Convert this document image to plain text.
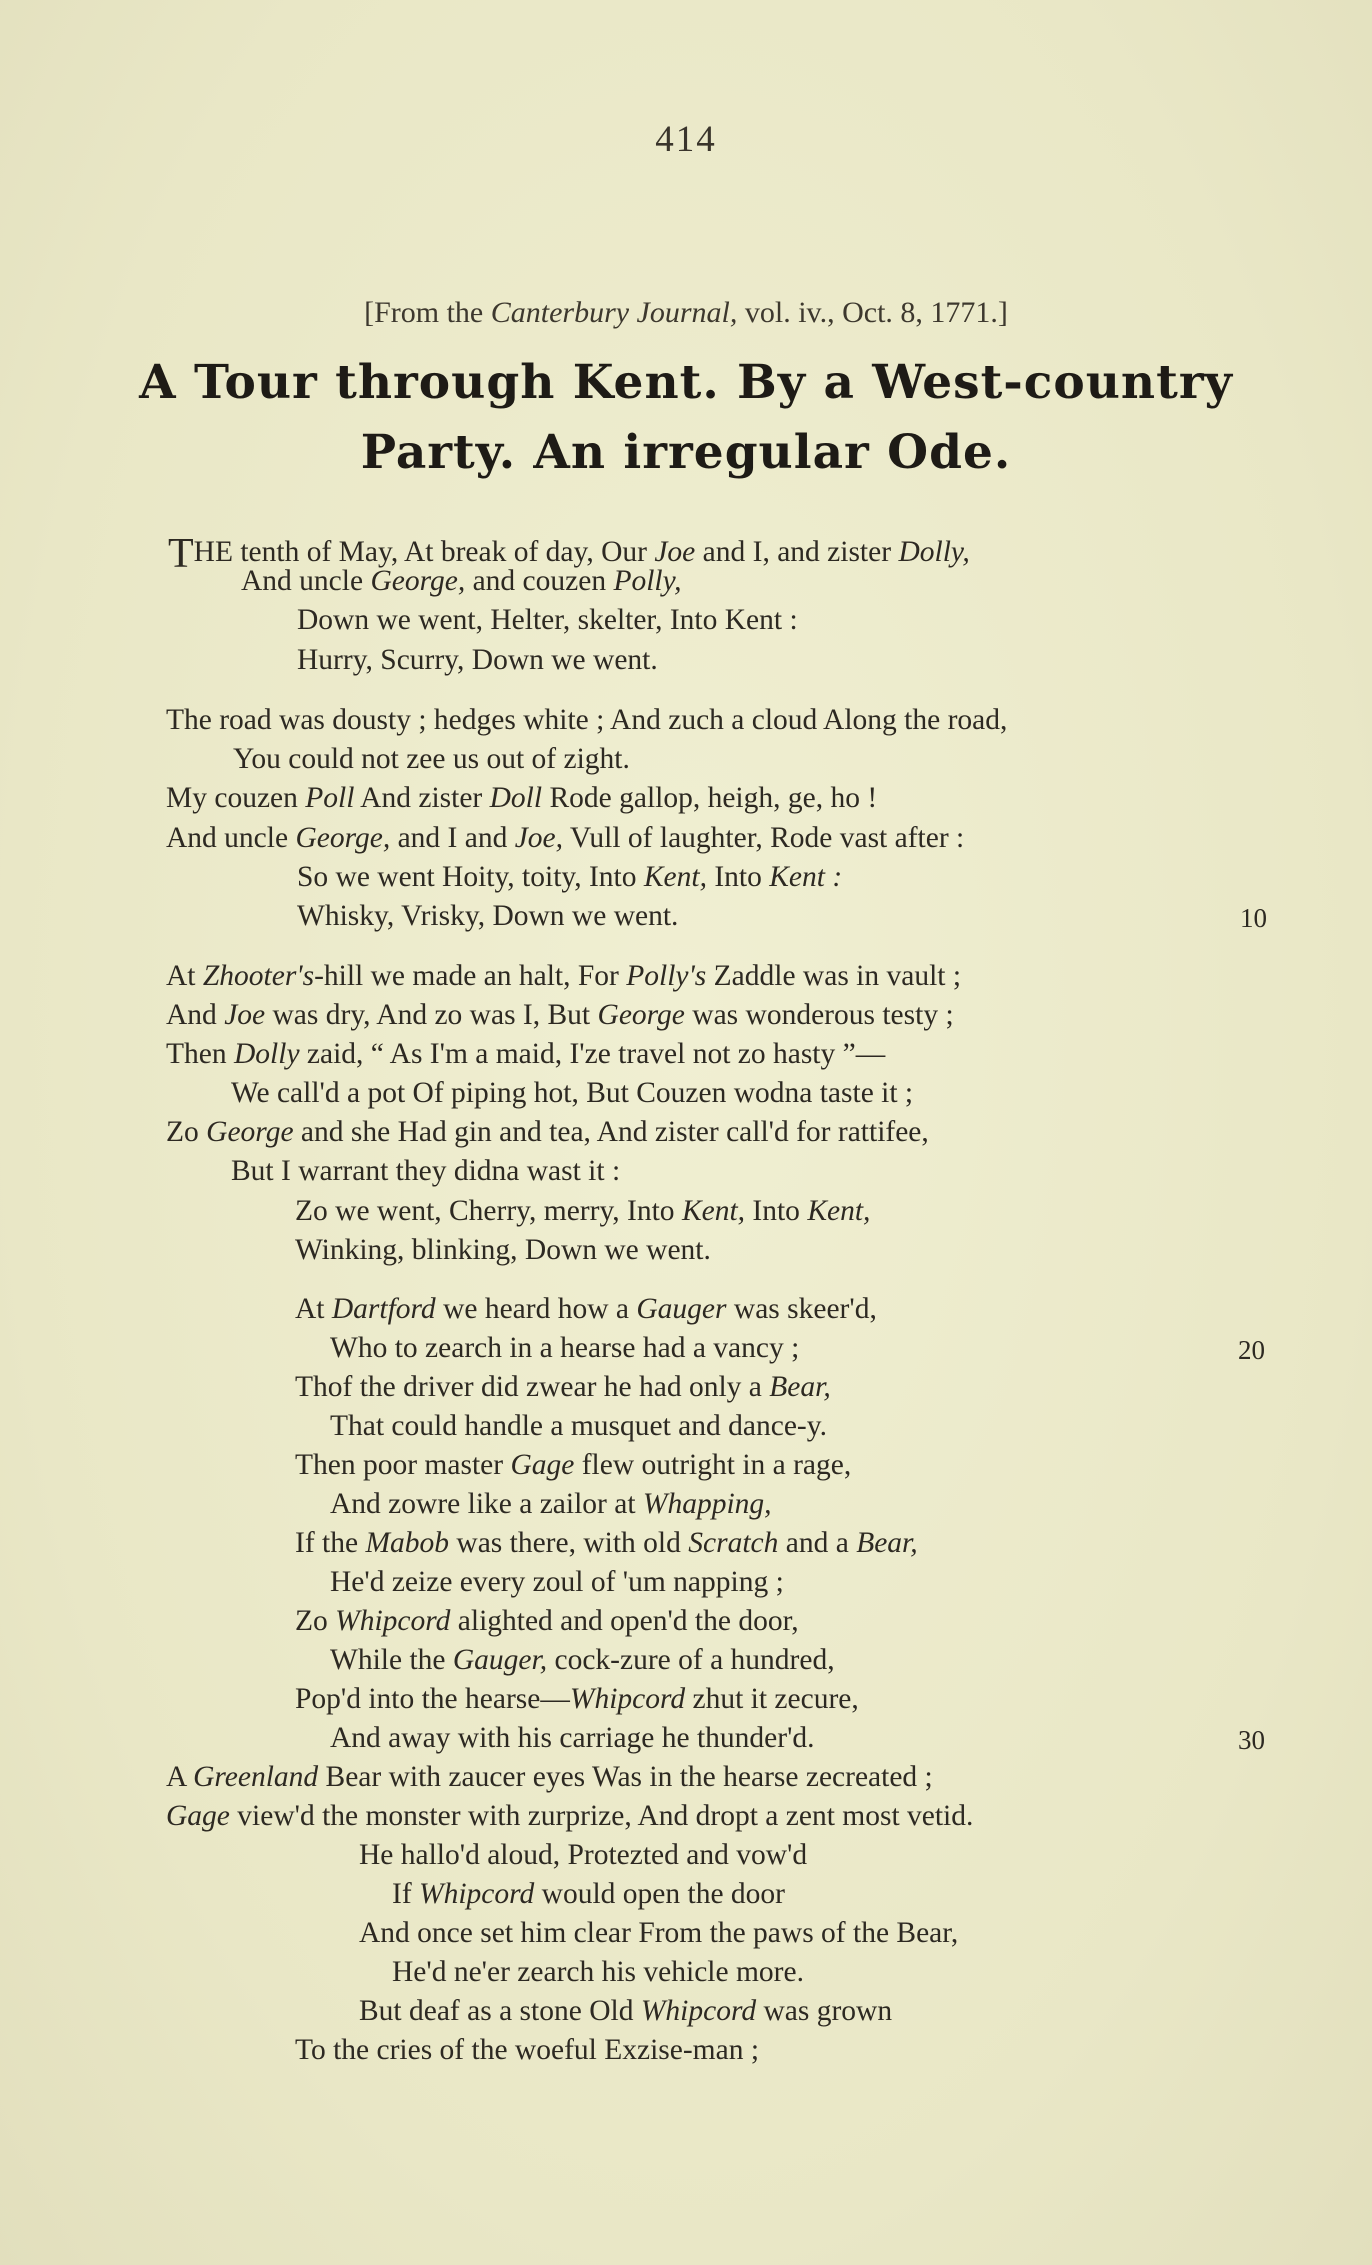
414
[From the Canterbury Journal, vol. iv., Oct. 8, 1771.]
A Tour through Kent. By a West-country
Party. An irregular Ode.
THE tenth of May, At break of day, Our Joe and I, and zister Dolly,
And uncle George, and couzen Polly,
Down we went, Helter, skelter, Into Kent :
Hurry, Scurry, Down we went.
The road was dousty ; hedges white ; And zuch a cloud Along the road,
You could not zee us out of zight.
My couzen Poll And zister Doll Rode gallop, heigh, ge, ho !
And uncle George, and I and Joe, Vull of laughter, Rode vast after :
So we went Hoity, toity, Into Kent, Into Kent :
Whisky, Vrisky, Down we went.	10
At Zhooter's-hill we made an halt, For Polly's Zaddle was in vault ;
And Joe was dry, And zo was I, But George was wonderous testy ;
Then Dolly zaid, “ As I'm a maid, I'ze travel not zo hasty ”—
We call'd a pot Of piping hot, But Couzen wodna taste it ;
Zo George and she Had gin and tea, And zister call'd for rattifee,
But I warrant they didna wast it :
Zo we went, Cherry, merry, Into Kent, Into Kent,
Winking, blinking, Down we went.
At Dartford we heard how a Gauger was skeer'd,
Who to zearch in a hearse had a vancy ;	20
Thof the driver did zwear he had only a Bear,
That could handle a musquet and dance-y.
Then poor master Gage flew outright in a rage,
And zowre like a zailor at Whapping,
If the Mabob was there, with old Scratch and a Bear,
He'd zeize every zoul of 'um napping ;
Zo Whipcord alighted and open'd the door,
While the Gauger, cock-zure of a hundred,
Pop'd into the hearse—Whipcord zhut it zecure,
And away with his carriage he thunder'd.	30
A Greenland Bear with zaucer eyes Was in the hearse zecreated ;
Gage view'd the monster with zurprize, And dropt a zent most vetid.
He hallo'd aloud, Protezted and vow'd
If Whipcord would open the door
And once set him clear From the paws of the Bear,
He'd ne'er zearch his vehicle more.
But deaf as a stone Old Whipcord was grown
To the cries of the woeful Exzise-man ;
